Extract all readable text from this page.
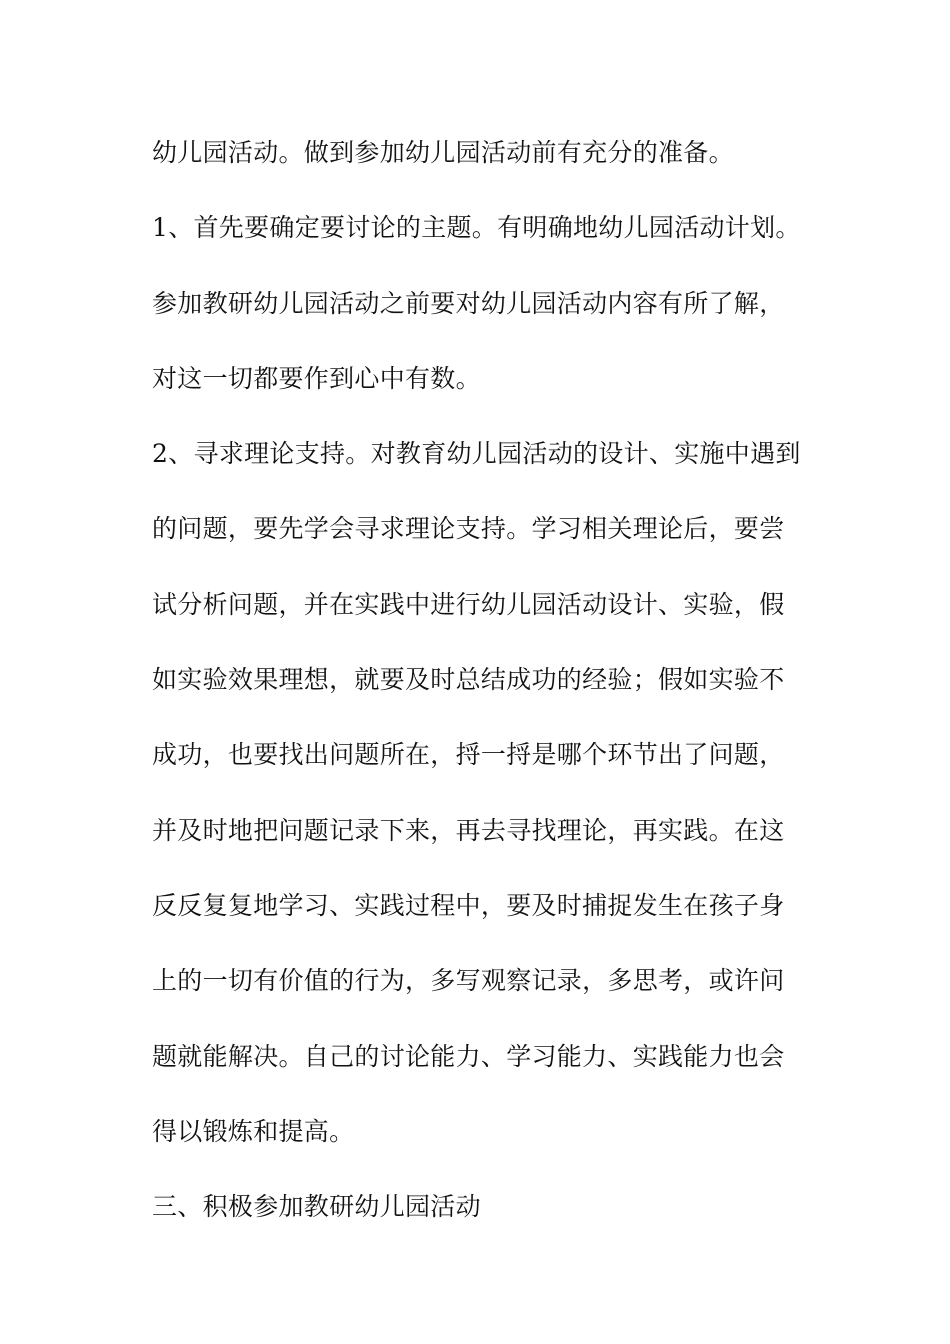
幼儿园活动。做到参加幼儿园活动前有充分的准备。
1、首先要确定要讨论的主题。有明确地幼儿园活动计划。
参加教研幼儿园活动之前要对幼儿园活动内容有所了解，
对这一切都要作到心中有数。
2、寻求理论支持。对教育幼儿园活动的设计、实施中遇到
的问题，要先学会寻求理论支持。学习相关理论后，要尝
试分析问题，并在实践中进行幼儿园活动设计、实验，假
如实验效果理想，就要及时总结成功的经验；假如实验不
成功，也要找出问题所在，捋一捋是哪个环节出了问题，
并及时地把问题记录下来，再去寻找理论，再实践。在这
反反复复地学习、实践过程中，要及时捕捉发生在孩子身
上的一切有价值的行为，多写观察记录，多思考，或许问
题就能解决。自己的讨论能力、学习能力、实践能力也会
得以锻炼和提高。
三、积极参加教研幼儿园活动
